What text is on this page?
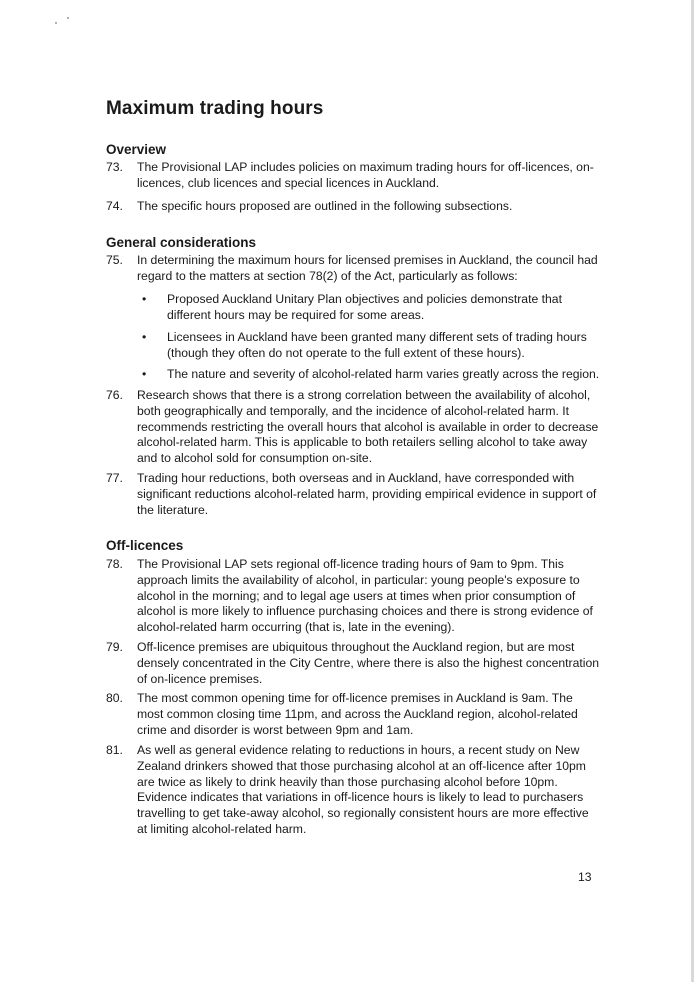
Maximum trading hours
Overview
73.	The Provisional LAP includes policies on maximum trading hours for off-licences, on-licences, club licences and special licences in Auckland.
74.	The specific hours proposed are outlined in the following subsections.
General considerations
75.	In determining the maximum hours for licensed premises in Auckland, the council had regard to the matters at section 78(2) of the Act, particularly as follows:
• Proposed Auckland Unitary Plan objectives and policies demonstrate that different hours may be required for some areas.
• Licensees in Auckland have been granted many different sets of trading hours (though they often do not operate to the full extent of these hours).
• The nature and severity of alcohol-related harm varies greatly across the region.
76.	Research shows that there is a strong correlation between the availability of alcohol, both geographically and temporally, and the incidence of alcohol-related harm. It recommends restricting the overall hours that alcohol is available in order to decrease alcohol-related harm. This is applicable to both retailers selling alcohol to take away and to alcohol sold for consumption on-site.
77.	Trading hour reductions, both overseas and in Auckland, have corresponded with significant reductions alcohol-related harm, providing empirical evidence in support of the literature.
Off-licences
78.	The Provisional LAP sets regional off-licence trading hours of 9am to 9pm. This approach limits the availability of alcohol, in particular: young people's exposure to alcohol in the morning; and to legal age users at times when prior consumption of alcohol is more likely to influence purchasing choices and there is strong evidence of alcohol-related harm occurring (that is, late in the evening).
79.	Off-licence premises are ubiquitous throughout the Auckland region, but are most densely concentrated in the City Centre, where there is also the highest concentration of on-licence premises.
80.	The most common opening time for off-licence premises in Auckland is 9am. The most common closing time 11pm, and across the Auckland region, alcohol-related crime and disorder is worst between 9pm and 1am.
81.	As well as general evidence relating to reductions in hours, a recent study on New Zealand drinkers showed that those purchasing alcohol at an off-licence after 10pm are twice as likely to drink heavily than those purchasing alcohol before 10pm. Evidence indicates that variations in off-licence hours is likely to lead to purchasers travelling to get take-away alcohol, so regionally consistent hours are more effective at limiting alcohol-related harm.
13
